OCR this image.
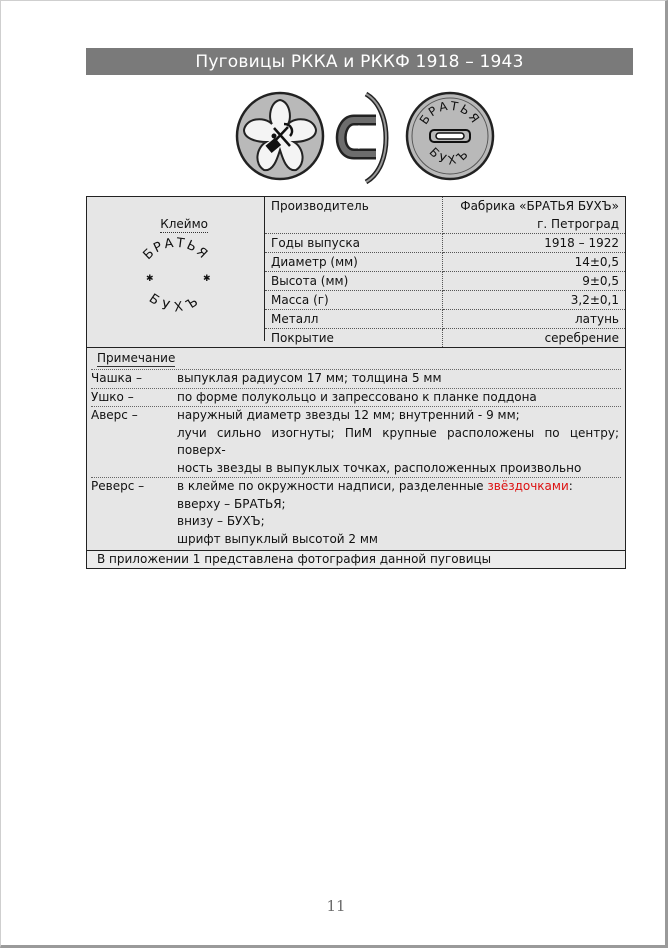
Пуговицы РККА и РККФ 1918 – 1943
БРАТЬЯ
БУХЪ
Клеймо
БРАТЬЯ
БУХЪ
✱	✱
Производитель	Фабрика «БРАТЬЯ БУХЪ»
г. Петроград
Годы выпуска	1918 – 1922
Диаметр (мм)	14±0,5
Высота (мм)	9±0,5
Масса (г)	3,2±0,1
Металл	латунь
Покрытие	серебрение
Примечание
Чашка –	выпуклая радиусом 17 мм; толщина 5 мм
Ушко –	по форме полукольцо и запрессовано к планке поддона
Аверс –	наружный диаметр звезды 12 мм; внутренний - 9 мм;
лучи сильно изогнуты; ПиМ крупные расположены по центру; поверх-
ность звезды в выпуклых точках, расположенных произвольно
Реверс –	в клейме по окружности надписи, разделенные звёздочками:
вверху – БРАТЬЯ;
внизу – БУХЪ;
шрифт выпуклый высотой 2 мм
В приложении 1 представлена фотография данной пуговицы
11
